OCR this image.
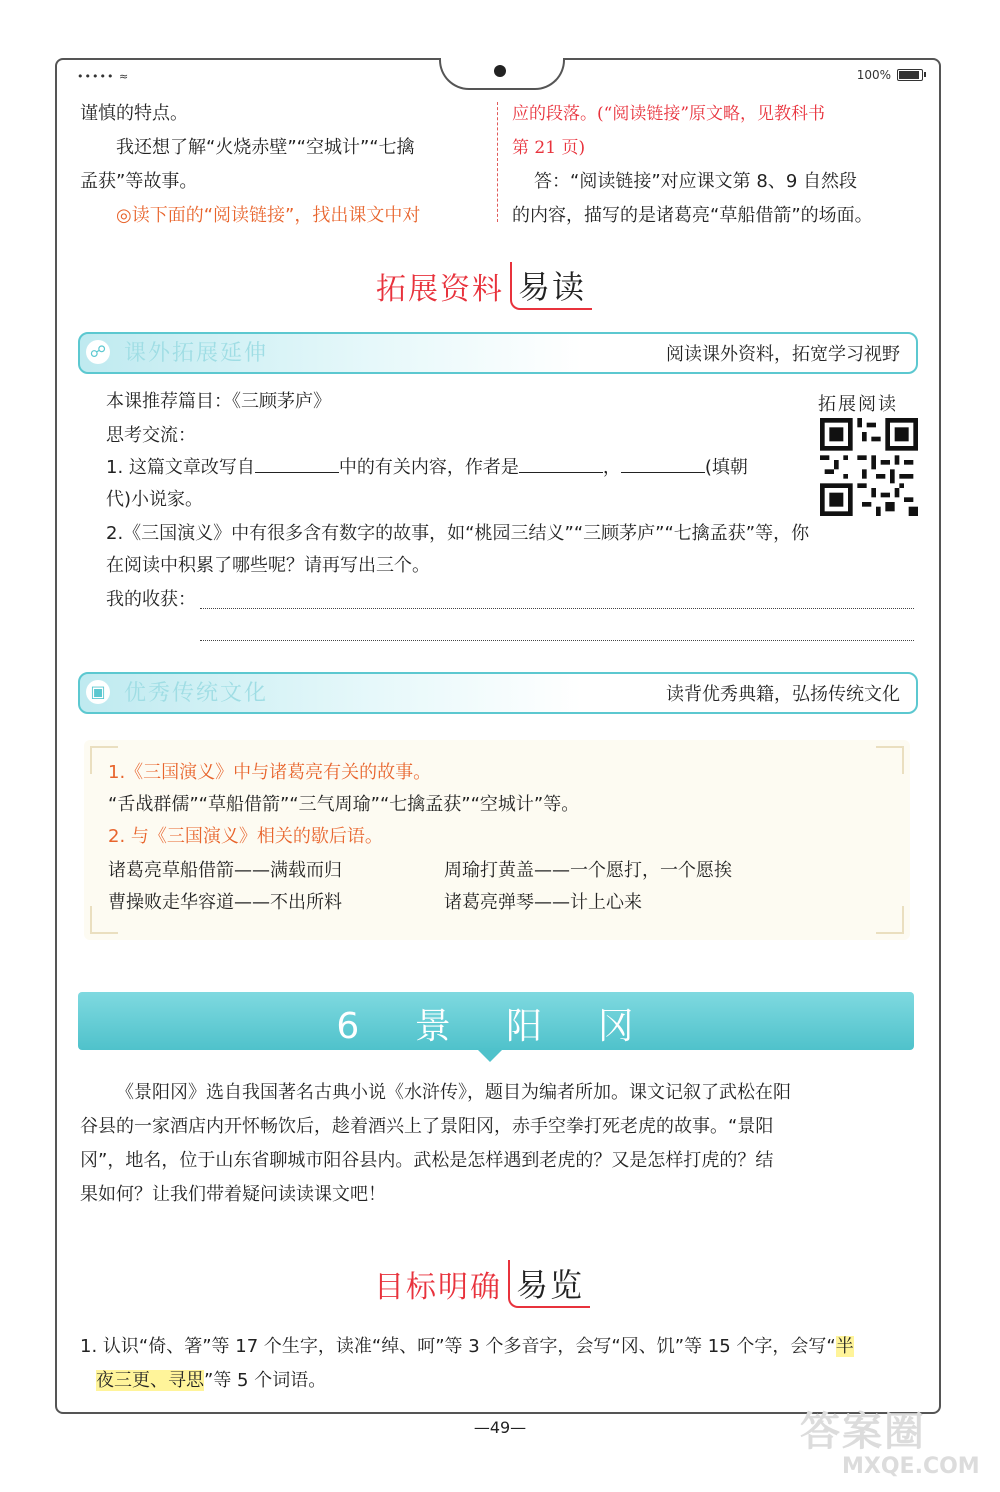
••••• ≈	100%
谨慎的特点。
我还想了解“火烧赤壁”“空城计”“七擒
孟获”等故事。
◎读下面的“阅读链接”，找出课文中对
应的段落。(“阅读链接”原文略，见教科书
第 21 页)
答：“阅读链接”对应课文第 8、9 自然段
的内容，描写的是诸葛亮“草船借箭”的场面。
拓展资料 易读
☍ 课外拓展延伸	阅读课外资料，拓宽学习视野
本课推荐篇目：《三顾茅庐》
思考交流：
1. 这篇文章改写自	中的有关内容，作者是	，	(填朝
代)小说家。
2.《三国演义》中有很多含有数字的故事，如“桃园三结义”“三顾茅庐”“七擒孟获”等，你
在阅读中积累了哪些呢？请再写出三个。
我的收获：
拓展阅读
▣ 优秀传统文化	读背优秀典籍，弘扬传统文化
1.《三国演义》中与诸葛亮有关的故事。
“舌战群儒”“草船借箭”“三气周瑜”“七擒孟获”“空城计”等。
2. 与《三国演义》相关的歇后语。
诸葛亮草船借箭——满载而归	周瑜打黄盖——一个愿打，一个愿挨
曹操败走华容道——不出所料	诸葛亮弹琴——计上心来
6 景 阳 冈
《景阳冈》选自我国著名古典小说《水浒传》，题目为编者所加。课文记叙了武松在阳
谷县的一家酒店内开怀畅饮后，趁着酒兴上了景阳冈，赤手空拳打死老虎的故事。“景阳
冈”，地名，位于山东省聊城市阳谷县内。武松是怎样遇到老虎的？又是怎样打虎的？结
果如何？让我们带着疑问读读课文吧！
目标明确 易览
1. 认识“倚、箸”等 17 个生字，读准“绰、呵”等 3 个多音字，会写“冈、饥”等 15 个字，会写“半
夜三更、寻思”等 5 个词语。
—49—	答案圈
MXQE.COM
